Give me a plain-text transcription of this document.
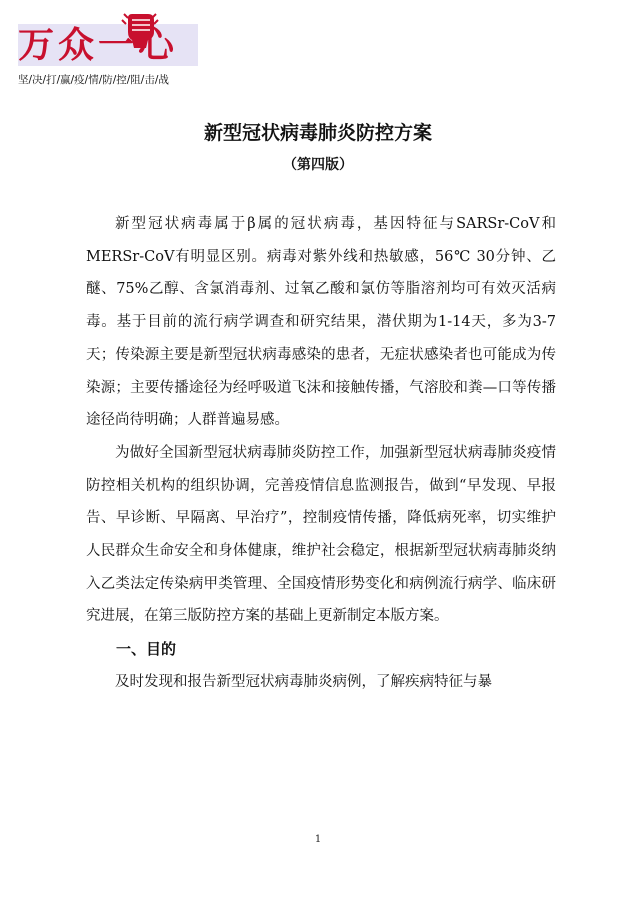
万众一心
坚/决/打/赢/疫/情/防/控/阻/击/战
新型冠状病毒肺炎防控方案
（第四版）

新型冠状病毒属于β属的冠状病毒，基因特征与SARSr-CoV和MERSr-CoV有明显区别。病毒对紫外线和热敏感，56℃ 30分钟、乙醚、75%乙醇、含氯消毒剂、过氧乙酸和氯仿等脂溶剂均可有效灭活病毒。基于目前的流行病学调查和研究结果，潜伏期为1-14天，多为3-7天；传染源主要是新型冠状病毒感染的患者，无症状感染者也可能成为传染源；主要传播途径为经呼吸道飞沫和接触传播，气溶胶和粪—口等传播途径尚待明确；人群普遍易感。

为做好全国新型冠状病毒肺炎防控工作，加强新型冠状病毒肺炎疫情防控相关机构的组织协调，完善疫情信息监测报告，做到“早发现、早报告、早诊断、早隔离、早治疗”，控制疫情传播，降低病死率，切实维护人民群众生命安全和身体健康，维护社会稳定，根据新型冠状病毒肺炎纳入乙类法定传染病甲类管理、全国疫情形势变化和病例流行病学、临床研究进展，在第三版防控方案的基础上更新制定本版方案。

一、目的

及时发现和报告新型冠状病毒肺炎病例，了解疾病特征与暴

1
